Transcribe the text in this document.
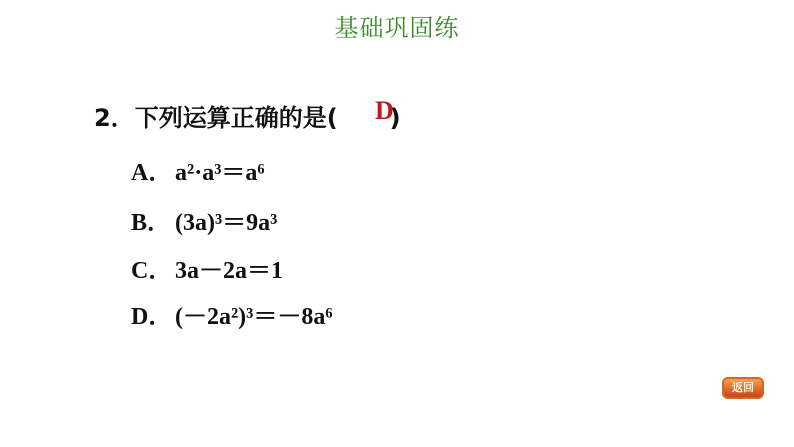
基础巩固练
2．下列运算正确的是( )
D
A． a²·a³＝a⁶
B． (3a)³＝9a³
C． 3a－2a＝1
D． (－2a²)³＝－8a⁶
返回
